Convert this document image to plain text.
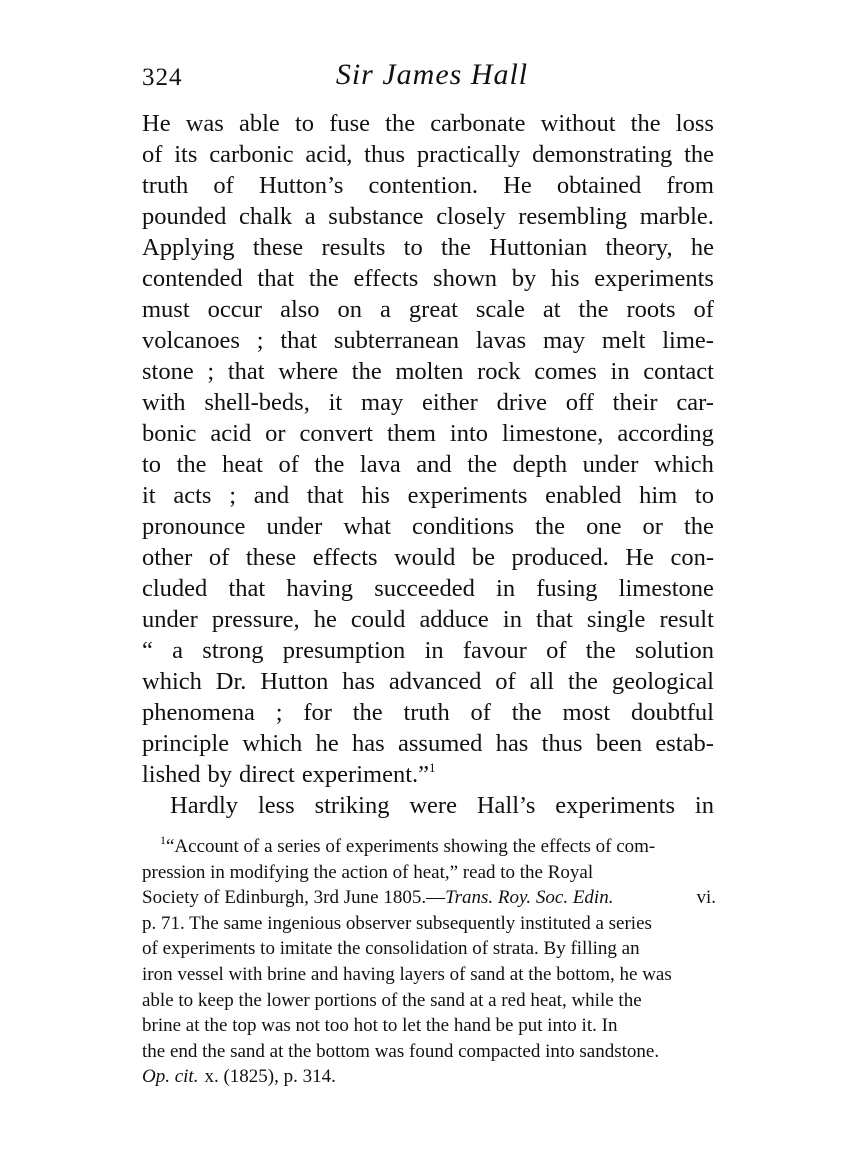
324	Sir James Hall
He was able to fuse the carbonate without the loss
of its carbonic acid, thus practically demonstrating the
truth of Hutton’s contention. He obtained from
pounded chalk a substance closely resembling marble.
Applying these results to the Huttonian theory, he
contended that the effects shown by his experiments
must occur also on a great scale at the roots of
volcanoes ; that subterranean lavas may melt lime-
stone ; that where the molten rock comes in contact
with shell-beds, it may either drive off their car-
bonic acid or convert them into limestone, according
to the heat of the lava and the depth under which
it acts ; and that his experiments enabled him to
pronounce under what conditions the one or the
other of these effects would be produced. He con-
cluded that having succeeded in fusing limestone
under pressure, he could adduce in that single result
“ a strong presumption in favour of the solution
which Dr. Hutton has advanced of all the geological
phenomena ; for the truth of the most doubtful
principle which he has assumed has thus been estab-
lished by direct experiment.”$^1$
Hardly less striking were Hall’s experiments in
$^1$“Account of a series of experiments showing the effects of com-
pression in modifying the action of heat,” read to the Royal
Society of Edinburgh, 3rd June 1805.—Trans. Roy. Soc. Edin.	vi.
p. 71. The same ingenious observer subsequently instituted a series
of experiments to imitate the consolidation of strata. By filling an
iron vessel with brine and having layers of sand at the bottom, he was
able to keep the lower portions of the sand at a red heat, while the
brine at the top was not too hot to let the hand be put into it. In
the end the sand at the bottom was found compacted into sandstone.
Op. cit. x. (1825), p. 314.
